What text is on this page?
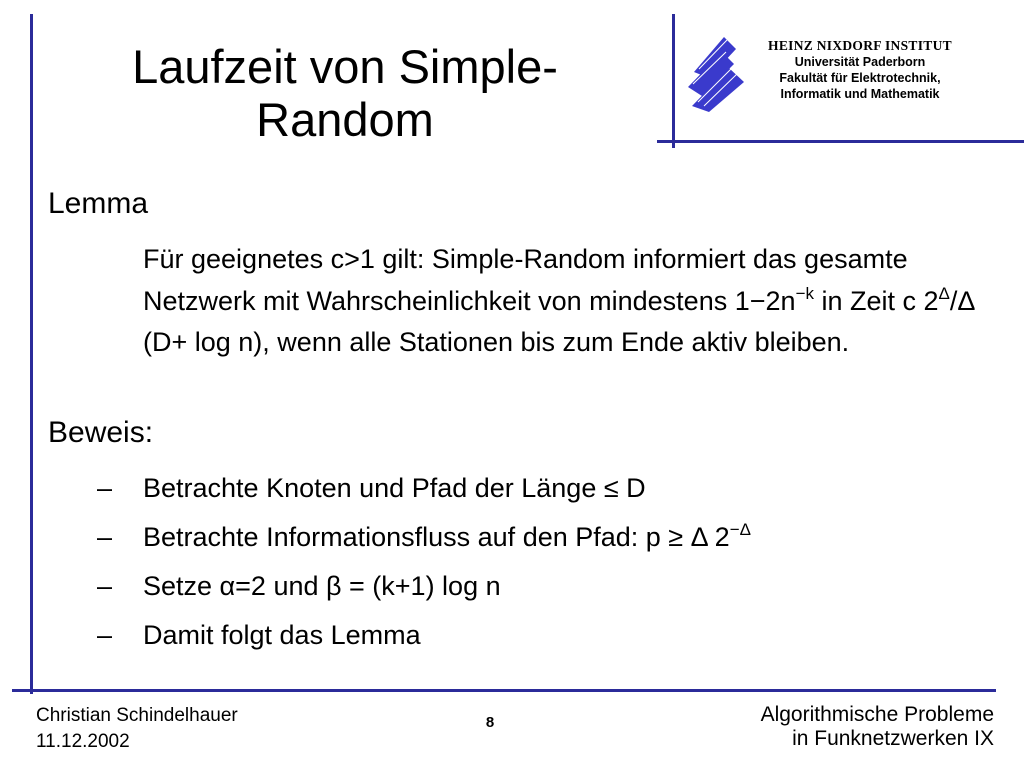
Laufzeit von Simple-
Random
HEINZ NIXDORF INSTITUT
Universität Paderborn
Fakultät für Elektrotechnik,
Informatik und Mathematik
Lemma
Für geeignetes c>1 gilt: Simple-Random informiert das gesamte Netzwerk mit Wahrscheinlichkeit von mindestens $1-2n^{-k}$ in Zeit c $2^\Delta/\Delta$ (D+ log n), wenn alle Stationen bis zum Ende aktiv bleiben.
Beweis:
–	Betrachte Knoten und Pfad der Länge ≤ D
–	Betrachte Informationsfluss auf den Pfad: p ≥ Δ $2^{-\Delta}$
–	Setze α=2 und β = (k+1) log n
–	Damit folgt das Lemma
Christian Schindelhauer
11.12.2002
8	Algorithmische Probleme
in Funknetzwerken IX
